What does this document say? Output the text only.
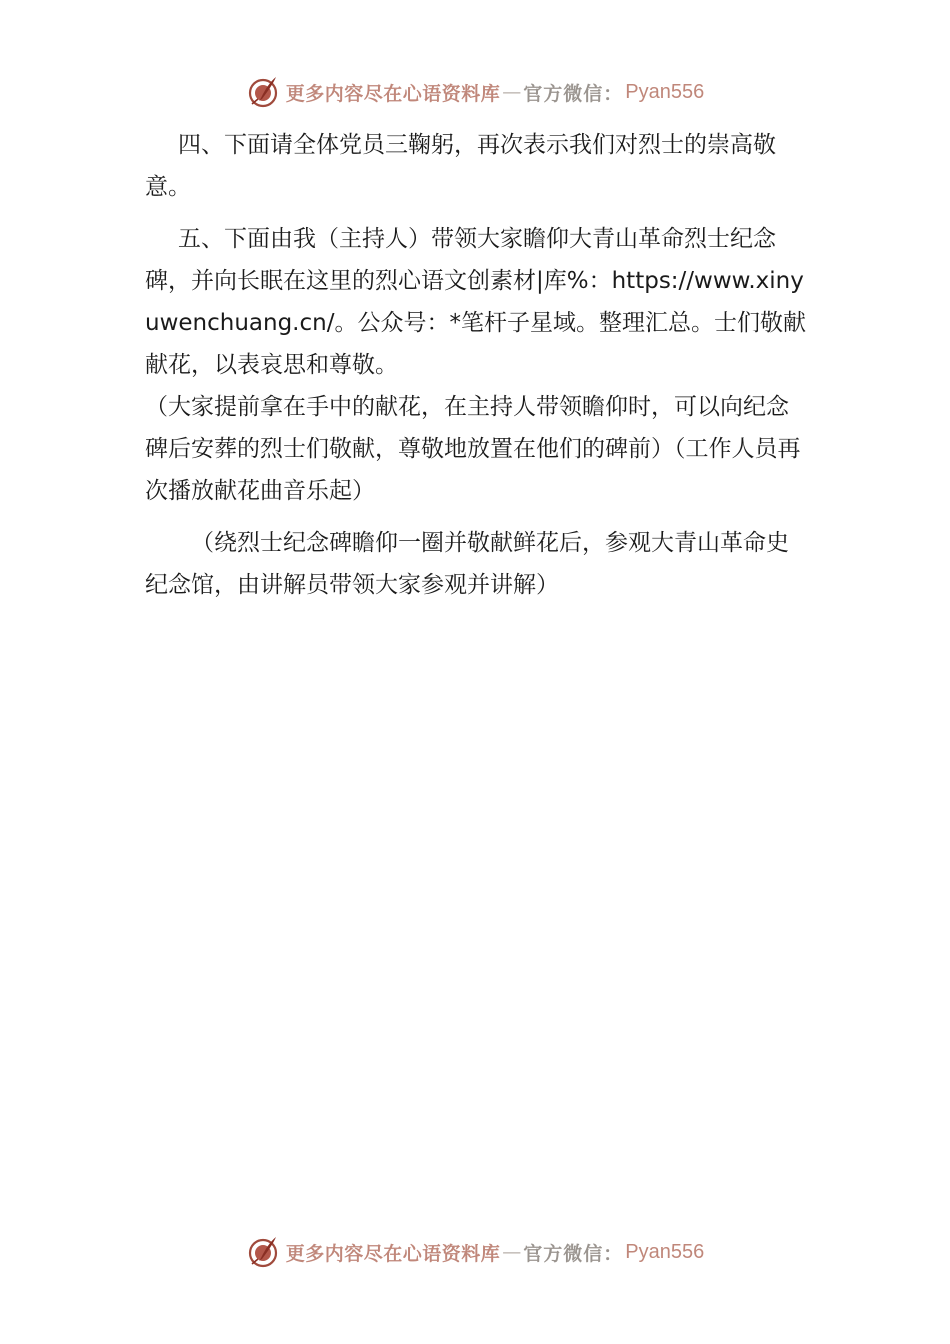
更多内容尽在心语资料库 — 官方微信： Pyan556

四、下面请全体党员三鞠躬，再次表示我们对烈士的崇高敬意。

五、下面由我（主持人）带领大家瞻仰大青山革命烈士纪念碑，并向长眠在这里的烈心语文创素材|库%：https://www.xinyuwenchuang.cn/。公众号：*笔杆子星域。整理汇总。士们敬献献花，以表哀思和尊敬。

（大家提前拿在手中的献花，在主持人带领瞻仰时，可以向纪念碑后安葬的烈士们敬献，尊敬地放置在他们的碑前）（工作人员再次播放献花曲音乐起）

（绕烈士纪念碑瞻仰一圈并敬献鲜花后，参观大青山革命史纪念馆，由讲解员带领大家参观并讲解）

更多内容尽在心语资料库 — 官方微信： Pyan556
